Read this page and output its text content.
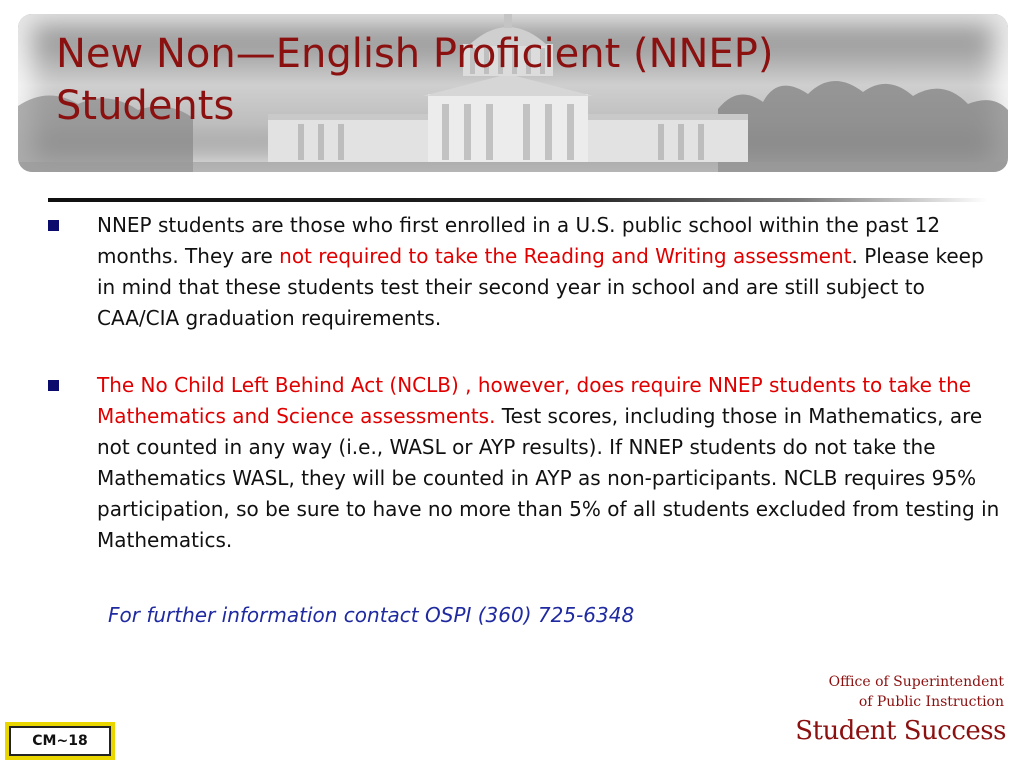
New Non—English Proficient (NNEP)
Students
NNEP students are those who first enrolled in a U.S. public school within the past 12 months. They are not required to take the Reading and Writing assessment. Please keep in mind that these students test their second year in school and are still subject to CAA/CIA graduation requirements.
The No Child Left Behind Act (NCLB) , however, does require NNEP students to take the Mathematics and Science assessments. Test scores, including those in Mathematics, are not counted in any way (i.e., WASL or AYP results). If NNEP students do not take the Mathematics WASL, they will be counted in AYP as non-participants. NCLB requires 95% participation, so be sure to have no more than 5% of all students excluded from testing in Mathematics.
For further information contact OSPI (360) 725-6348
Office of Superintendent
of Public Instruction
Student Success
CM~18
